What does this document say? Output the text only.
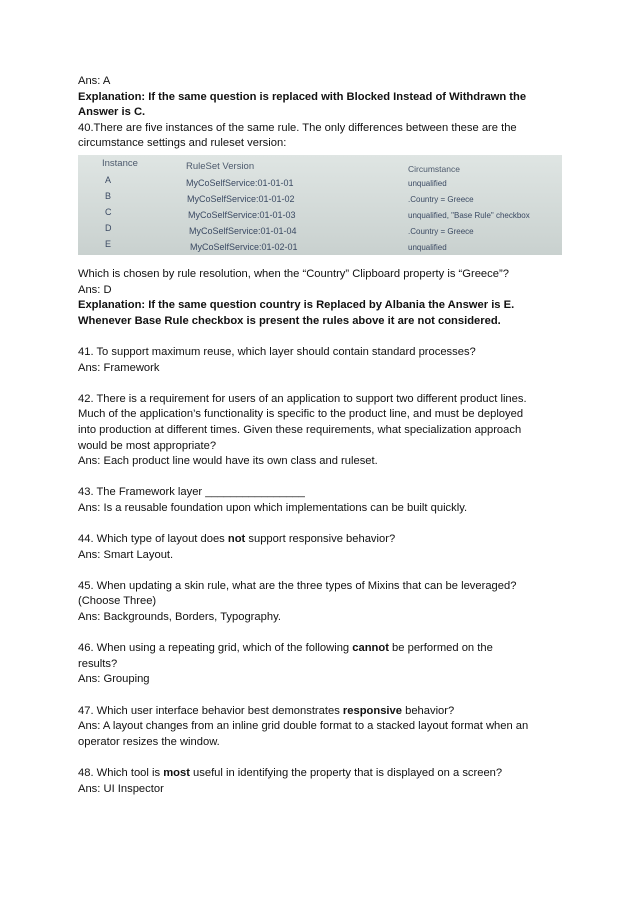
Ans: A

Explanation: If the same question is replaced with Blocked Instead of Withdrawn the

Answer is C.

40.There are five instances of the same rule. The only differences between these are the

circumstance settings and ruleset version:

Instance	RuleSet Version	Circumstance
A	MyCoSelfService:01-01-01	unqualified
B	MyCoSelfService:01-01-02	.Country = Greece
C	MyCoSelfService:01-01-03	unqualified, "Base Rule" checkbox
D	MyCoSelfService:01-01-04	.Country = Greece
E	MyCoSelfService:01-02-01	unqualified

Which is chosen by rule resolution, when the “Country” Clipboard property is “Greece”?

Ans: D

Explanation: If the same question country is Replaced by Albania the Answer is E.

Whenever Base Rule checkbox is present the rules above it are not considered.

41. To support maximum reuse, which layer should contain standard processes?

Ans: Framework

42. There is a requirement for users of an application to support two different product lines.

Much of the application’s functionality is specific to the product line, and must be deployed

into production at different times. Given these requirements, what specialization approach

would be most appropriate?

Ans: Each product line would have its own class and ruleset.

43. The Framework layer ________________

Ans: Is a reusable foundation upon which implementations can be built quickly.

44. Which type of layout does not support responsive behavior?

Ans: Smart Layout.

45. When updating a skin rule, what are the three types of Mixins that can be leveraged?

(Choose Three)

Ans: Backgrounds, Borders, Typography.

46. When using a repeating grid, which of the following cannot be performed on the

results?

Ans: Grouping

47. Which user interface behavior best demonstrates responsive behavior?

Ans: A layout changes from an inline grid double format to a stacked layout format when an

operator resizes the window.

48. Which tool is most useful in identifying the property that is displayed on a screen?

Ans: UI Inspector
